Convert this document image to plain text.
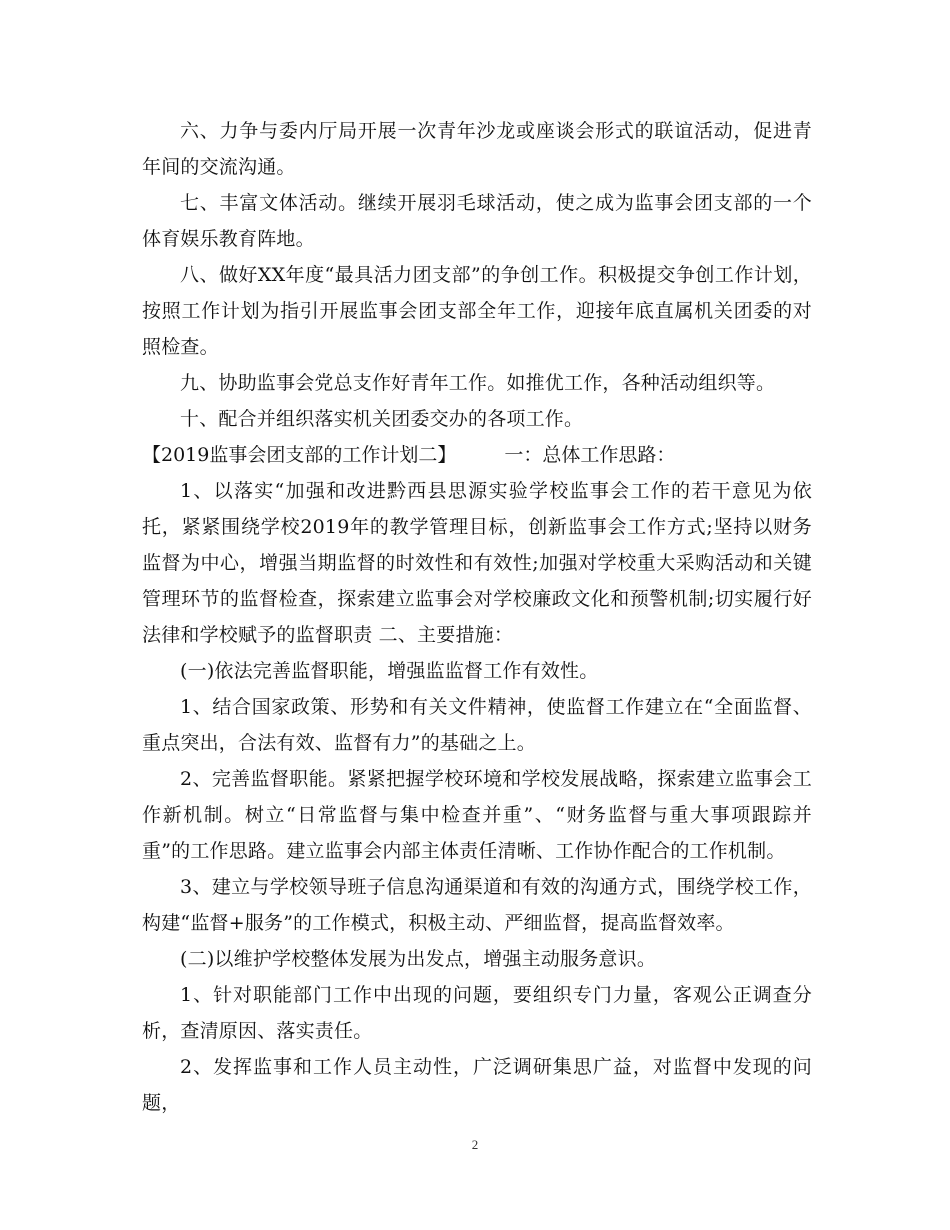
六、力争与委内厅局开展一次青年沙龙或座谈会形式的联谊活动，促进青年间的交流沟通。

七、丰富文体活动。继续开展羽毛球活动，使之成为监事会团支部的一个体育娱乐教育阵地。

八、做好XX年度“最具活力团支部”的争创工作。积极提交争创工作计划，按照工作计划为指引开展监事会团支部全年工作，迎接年底直属机关团委的对照检查。

九、协助监事会党总支作好青年工作。如推优工作，各种活动组织等。

十、配合并组织落实机关团委交办的各项工作。

【2019监事会团支部的工作计划二】	一：总体工作思路：

1、以落实“加强和改进黔西县思源实验学校监事会工作的若干意见为依托，紧紧围绕学校2019年的教学管理目标，创新监事会工作方式;坚持以财务监督为中心，增强当期监督的时效性和有效性;加强对学校重大采购活动和关键管理环节的监督检查，探索建立监事会对学校廉政文化和预警机制;切实履行好法律和学校赋予的监督职责 二、主要措施：

(一)依法完善监督职能，增强监监督工作有效性。

1、结合国家政策、形势和有关文件精神，使监督工作建立在“全面监督、重点突出，合法有效、监督有力”的基础之上。

2、完善监督职能。紧紧把握学校环境和学校发展战略，探索建立监事会工作新机制。树立“日常监督与集中检查并重”、“财务监督与重大事项跟踪并重”的工作思路。建立监事会内部主体责任清晰、工作协作配合的工作机制。

3、建立与学校领导班子信息沟通渠道和有效的沟通方式，围绕学校工作，构建“监督+服务”的工作模式，积极主动、严细监督，提高监督效率。

(二)以维护学校整体发展为出发点，增强主动服务意识。

1、针对职能部门工作中出现的问题，要组织专门力量，客观公正调查分析，查清原因、落实责任。

2、发挥监事和工作人员主动性，广泛调研集思广益，对监督中发现的问题，

2
